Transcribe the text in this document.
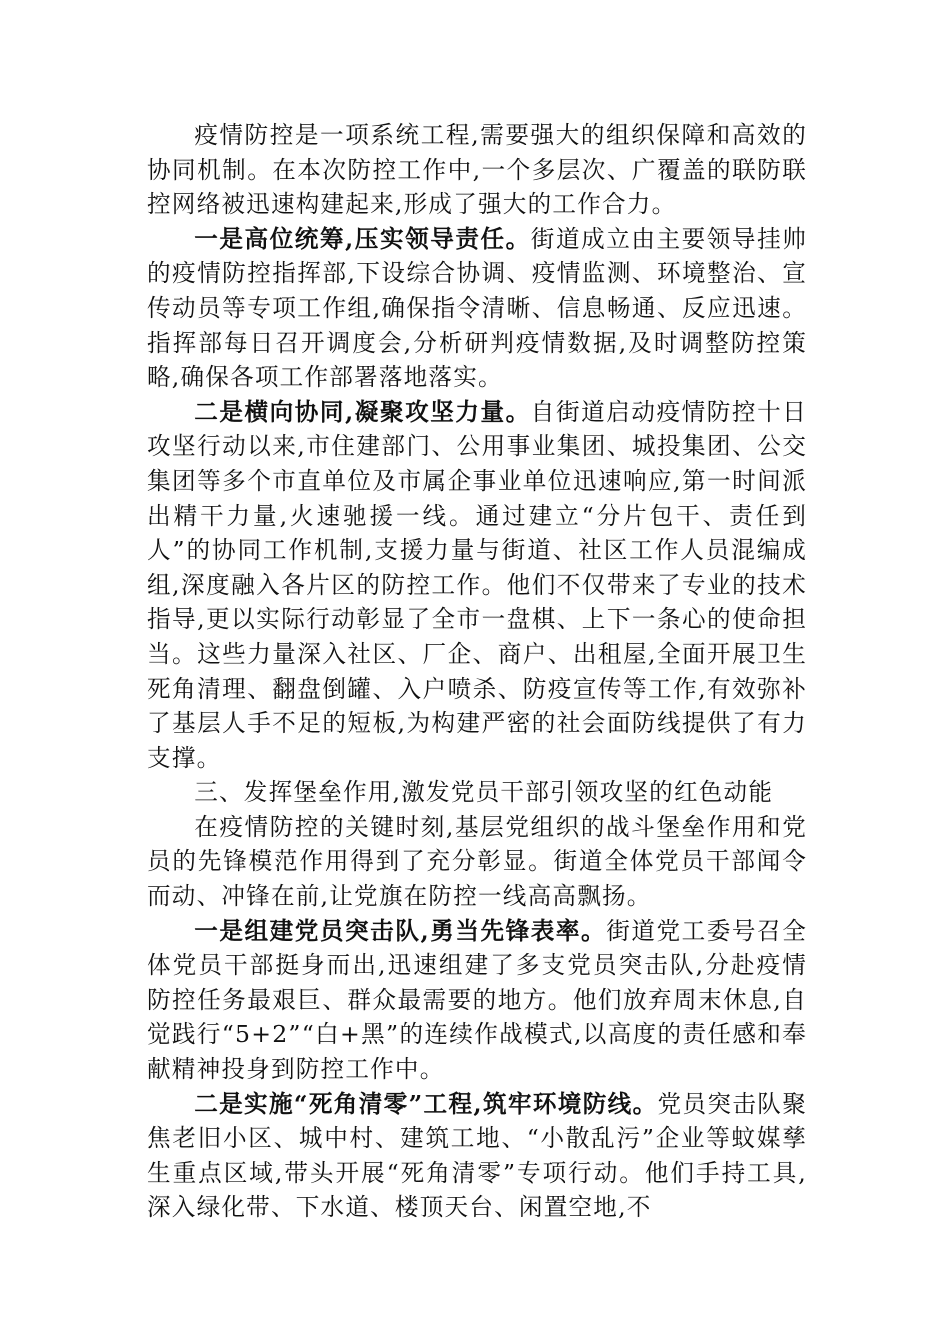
疫情防控是一项系统工程,需要强大的组织保障和高效的协同机制。在本次防控工作中,一个多层次、广覆盖的联防联控网络被迅速构建起来,形成了强大的工作合力。

一是高位统筹,压实领导责任。街道成立由主要领导挂帅的疫情防控指挥部,下设综合协调、疫情监测、环境整治、宣传动员等专项工作组,确保指令清晰、信息畅通、反应迅速。指挥部每日召开调度会,分析研判疫情数据,及时调整防控策略,确保各项工作部署落地落实。

二是横向协同,凝聚攻坚力量。自街道启动疫情防控十日攻坚行动以来,市住建部门、公用事业集团、城投集团、公交集团等多个市直单位及市属企事业单位迅速响应,第一时间派出精干力量,火速驰援一线。通过建立“分片包干、责任到人”的协同工作机制,支援力量与街道、社区工作人员混编成组,深度融入各片区的防控工作。他们不仅带来了专业的技术指导,更以实际行动彰显了全市一盘棋、上下一条心的使命担当。这些力量深入社区、厂企、商户、出租屋,全面开展卫生死角清理、翻盘倒罐、入户喷杀、防疫宣传等工作,有效弥补了基层人手不足的短板,为构建严密的社会面防线提供了有力支撑。

三、发挥堡垒作用,激发党员干部引领攻坚的红色动能

在疫情防控的关键时刻,基层党组织的战斗堡垒作用和党员的先锋模范作用得到了充分彰显。街道全体党员干部闻令而动、冲锋在前,让党旗在防控一线高高飘扬。

一是组建党员突击队,勇当先锋表率。街道党工委号召全体党员干部挺身而出,迅速组建了多支党员突击队,分赴疫情防控任务最艰巨、群众最需要的地方。他们放弃周末休息,自觉践行“5+2”“白+黑”的连续作战模式,以高度的责任感和奉献精神投身到防控工作中。

二是实施“死角清零”工程,筑牢环境防线。党员突击队聚焦老旧小区、城中村、建筑工地、“小散乱污”企业等蚊媒孳生重点区域,带头开展“死角清零”专项行动。他们手持工具,深入绿化带、下水道、楼顶天台、闲置空地,不
